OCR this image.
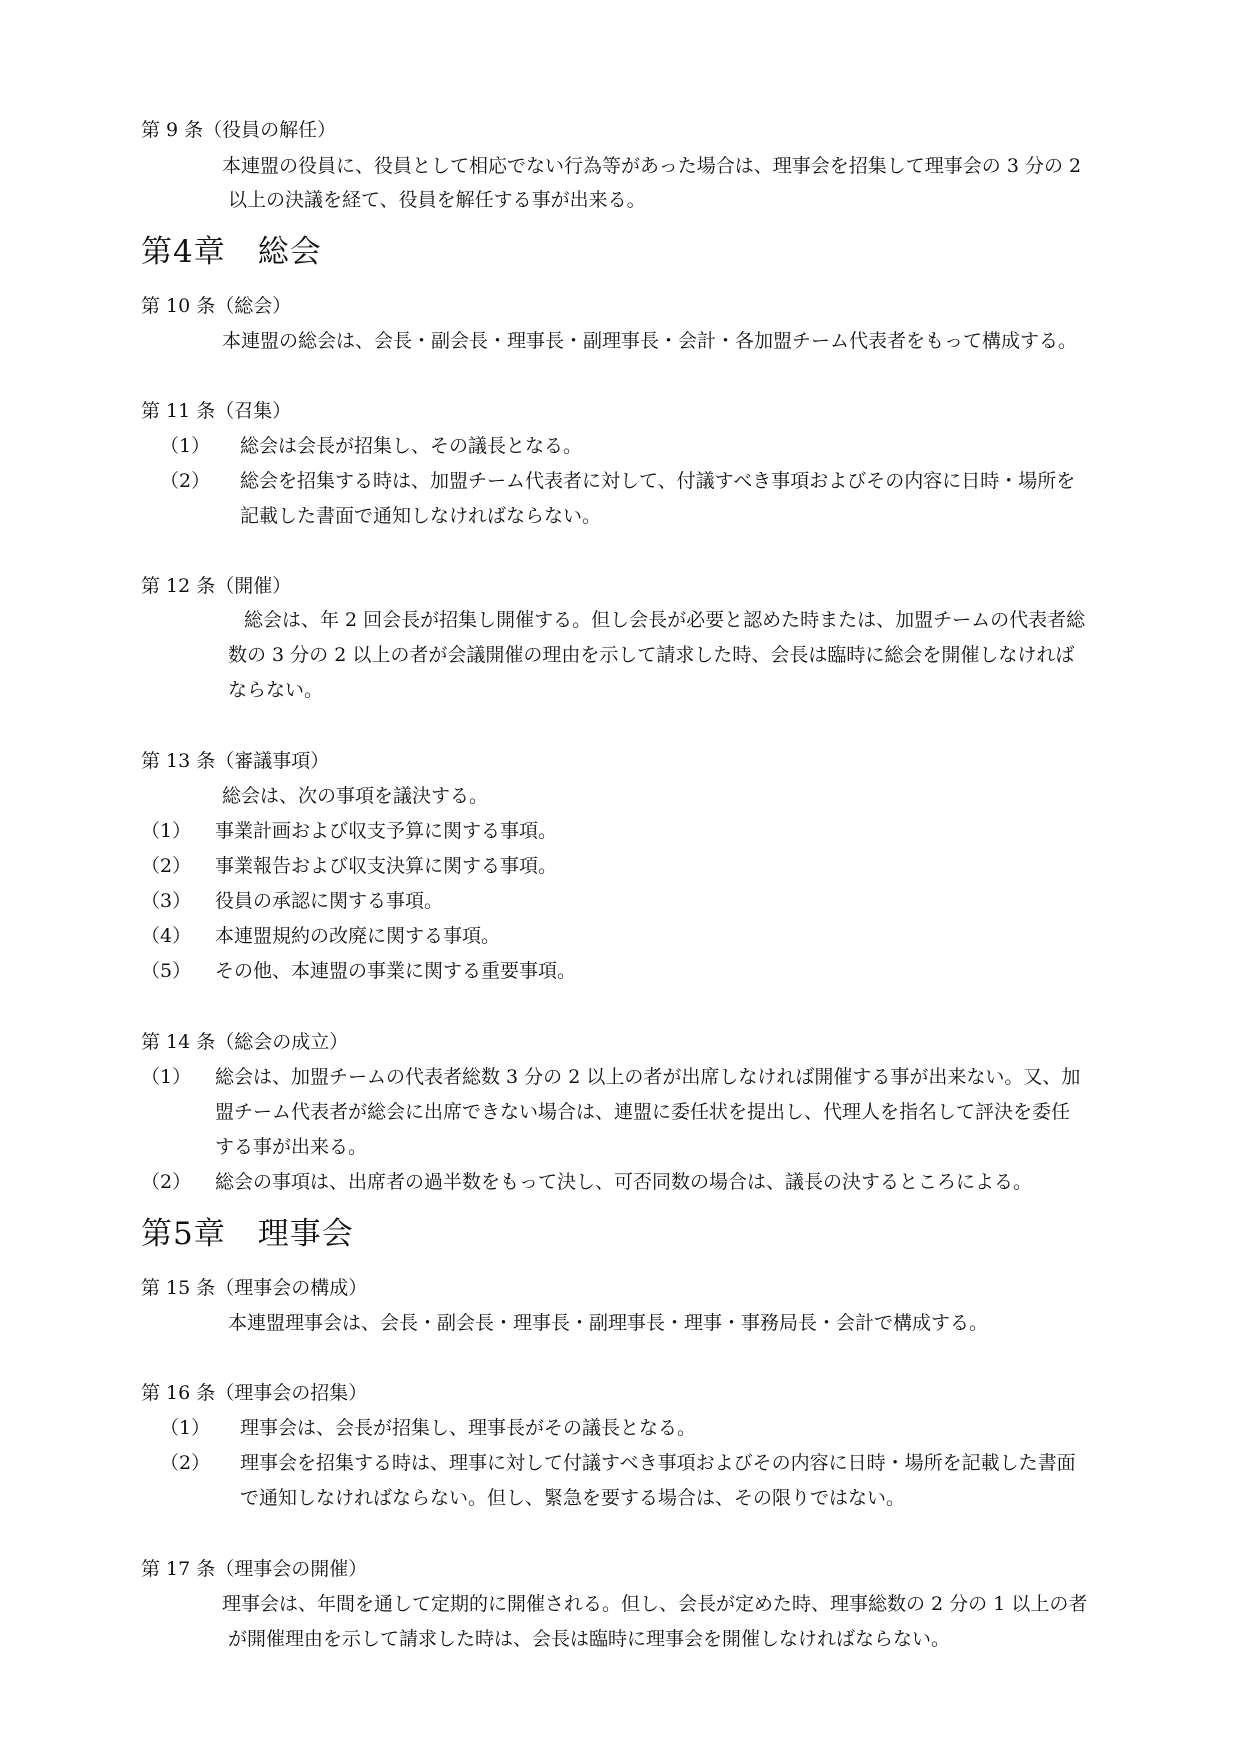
第 9 条（役員の解任）
本連盟の役員に、役員として相応でない行為等があった場合は、理事会を招集して理事会の 3 分の 2
以上の決議を経て、役員を解任する事が出来る。
第4章　総会
第 10 条（総会）
本連盟の総会は、会長・副会長・理事長・副理事長・会計・各加盟チーム代表者をもって構成する。
第 11 条（召集）
（1） 総会は会長が招集し、その議長となる。
（2） 総会を招集する時は、加盟チーム代表者に対して、付議すべき事項およびその内容に日時・場所を
記載した書面で通知しなければならない。
第 12 条（開催）
総会は、年 2 回会長が招集し開催する。但し会長が必要と認めた時または、加盟チームの代表者総
数の 3 分の 2 以上の者が会議開催の理由を示して請求した時、会長は臨時に総会を開催しなければ
ならない。
第 13 条（審議事項）
総会は、次の事項を議決する。
（1） 事業計画および収支予算に関する事項。
（2） 事業報告および収支決算に関する事項。
（3） 役員の承認に関する事項。
（4） 本連盟規約の改廃に関する事項。
（5） その他、本連盟の事業に関する重要事項。
第 14 条（総会の成立）
（1） 総会は、加盟チームの代表者総数 3 分の 2 以上の者が出席しなければ開催する事が出来ない。又、加
盟チーム代表者が総会に出席できない場合は、連盟に委任状を提出し、代理人を指名して評決を委任
する事が出来る。
（2） 総会の事項は、出席者の過半数をもって決し、可否同数の場合は、議長の決するところによる。
第5章　理事会
第 15 条（理事会の構成）
本連盟理事会は、会長・副会長・理事長・副理事長・理事・事務局長・会計で構成する。
第 16 条（理事会の招集）
（1） 理事会は、会長が招集し、理事長がその議長となる。
（2） 理事会を招集する時は、理事に対して付議すべき事項およびその内容に日時・場所を記載した書面
で通知しなければならない。但し、緊急を要する場合は、その限りではない。
第 17 条（理事会の開催）
理事会は、年間を通して定期的に開催される。但し、会長が定めた時、理事総数の 2 分の 1 以上の者
が開催理由を示して請求した時は、会長は臨時に理事会を開催しなければならない。
